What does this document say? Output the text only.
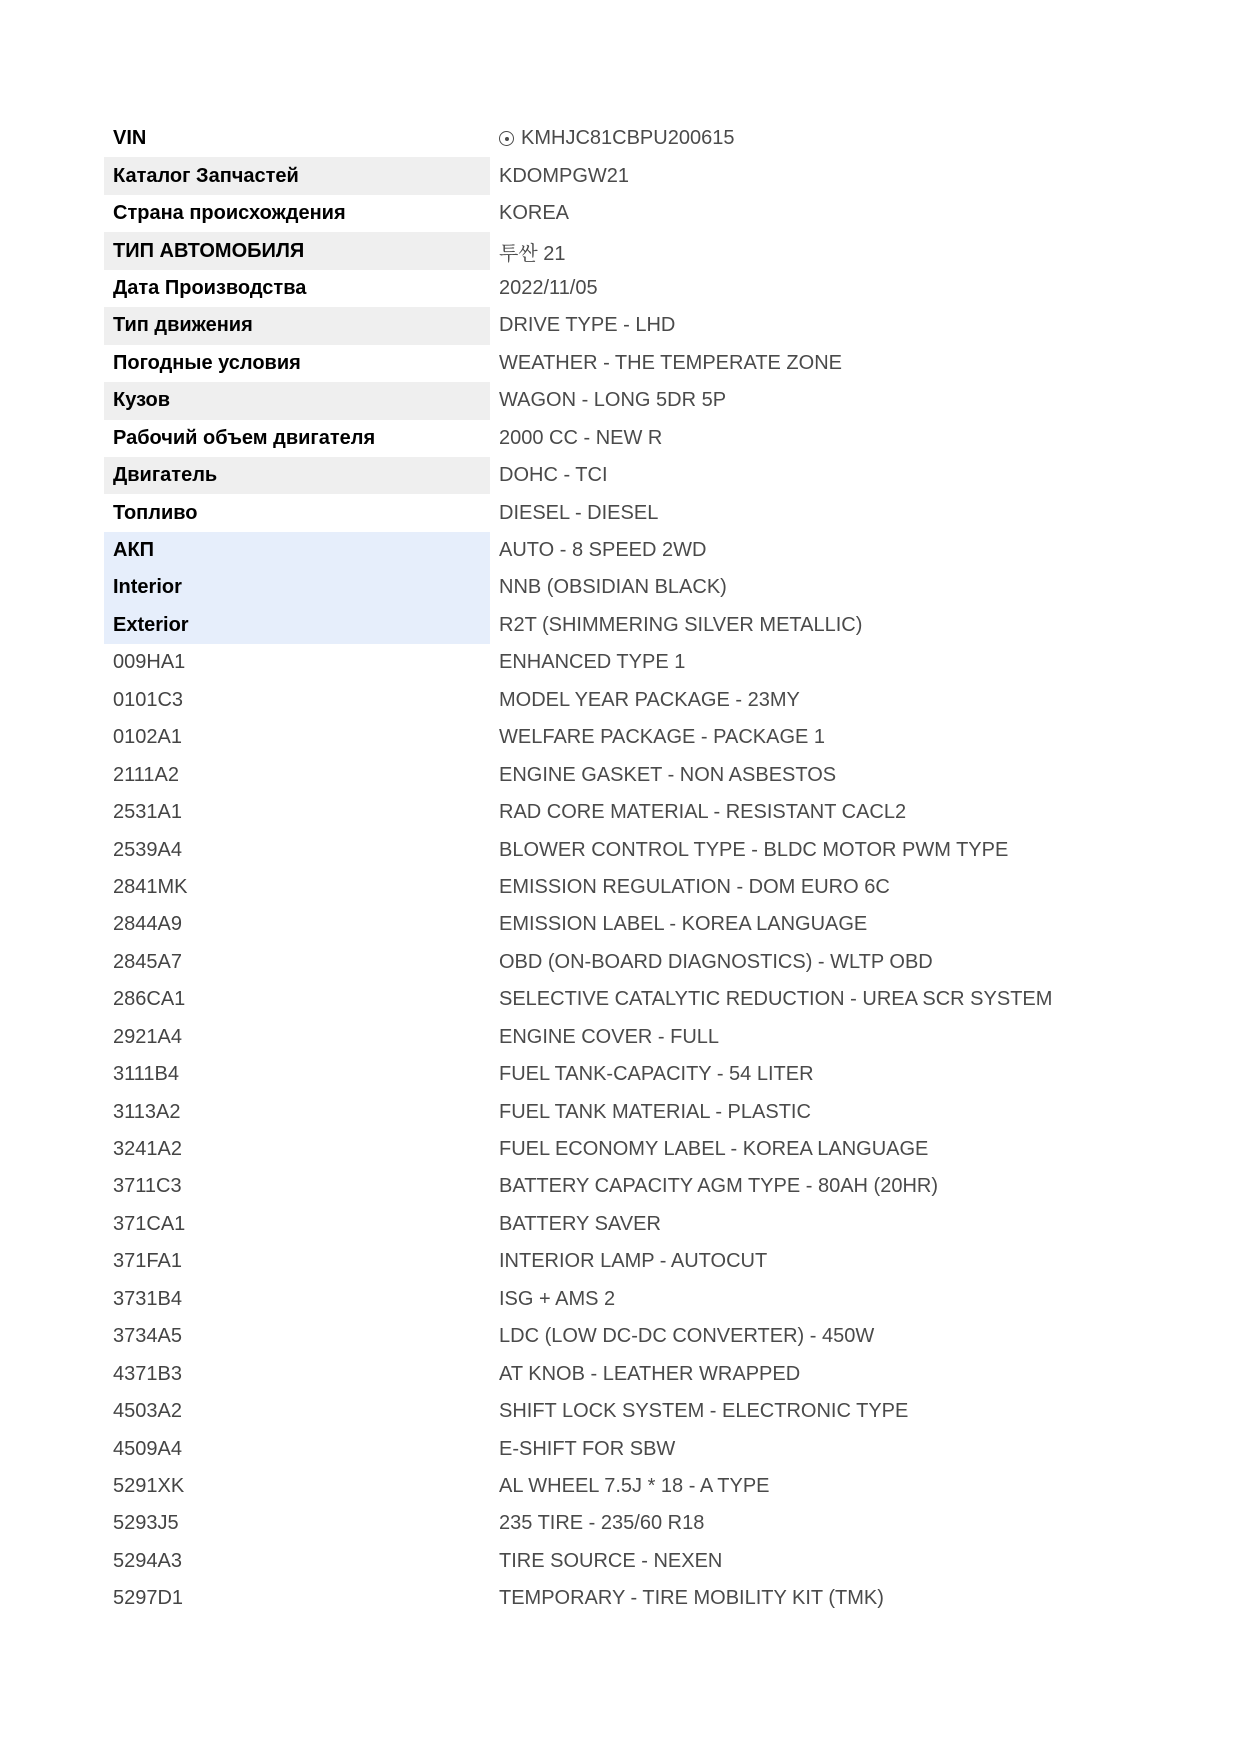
VIN	KMHJC81CBPU200615
Каталог Запчастей	KDOMPGW21
Страна происхождения	KOREA
ТИП АВТОМОБИЛЯ	투싼 21
Дата Производства	2022/11/05
Тип движения	DRIVE TYPE - LHD
Погодные условия	WEATHER - THE TEMPERATE ZONE
Кузов	WAGON - LONG 5DR 5P
Рабочий объем двигателя	2000 CC - NEW R
Двигатель	DOHC - TCI
Топливо	DIESEL - DIESEL
АКП	AUTO - 8 SPEED 2WD
Interior	NNB (OBSIDIAN BLACK)
Exterior	R2T (SHIMMERING SILVER METALLIC)
009HA1	ENHANCED TYPE 1
0101C3	MODEL YEAR PACKAGE - 23MY
0102A1	WELFARE PACKAGE - PACKAGE 1
2111A2	ENGINE GASKET - NON ASBESTOS
2531A1	RAD CORE MATERIAL - RESISTANT CACL2
2539A4	BLOWER CONTROL TYPE - BLDC MOTOR PWM TYPE
2841MK	EMISSION REGULATION - DOM EURO 6C
2844A9	EMISSION LABEL - KOREA LANGUAGE
2845A7	OBD (ON-BOARD DIAGNOSTICS) - WLTP OBD
286CA1	SELECTIVE CATALYTIC REDUCTION - UREA SCR SYSTEM
2921A4	ENGINE COVER - FULL
3111B4	FUEL TANK-CAPACITY - 54 LITER
3113A2	FUEL TANK MATERIAL - PLASTIC
3241A2	FUEL ECONOMY LABEL - KOREA LANGUAGE
3711C3	BATTERY CAPACITY AGM TYPE - 80AH (20HR)
371CA1	BATTERY SAVER
371FA1	INTERIOR LAMP - AUTOCUT
3731B4	ISG + AMS 2
3734A5	LDC (LOW DC-DC CONVERTER) - 450W
4371B3	AT KNOB - LEATHER WRAPPED
4503A2	SHIFT LOCK SYSTEM - ELECTRONIC TYPE
4509A4	E-SHIFT FOR SBW
5291XK	AL WHEEL 7.5J * 18 - A TYPE
5293J5	235 TIRE - 235/60 R18
5294A3	TIRE SOURCE - NEXEN
5297D1	TEMPORARY - TIRE MOBILITY KIT (TMK)
